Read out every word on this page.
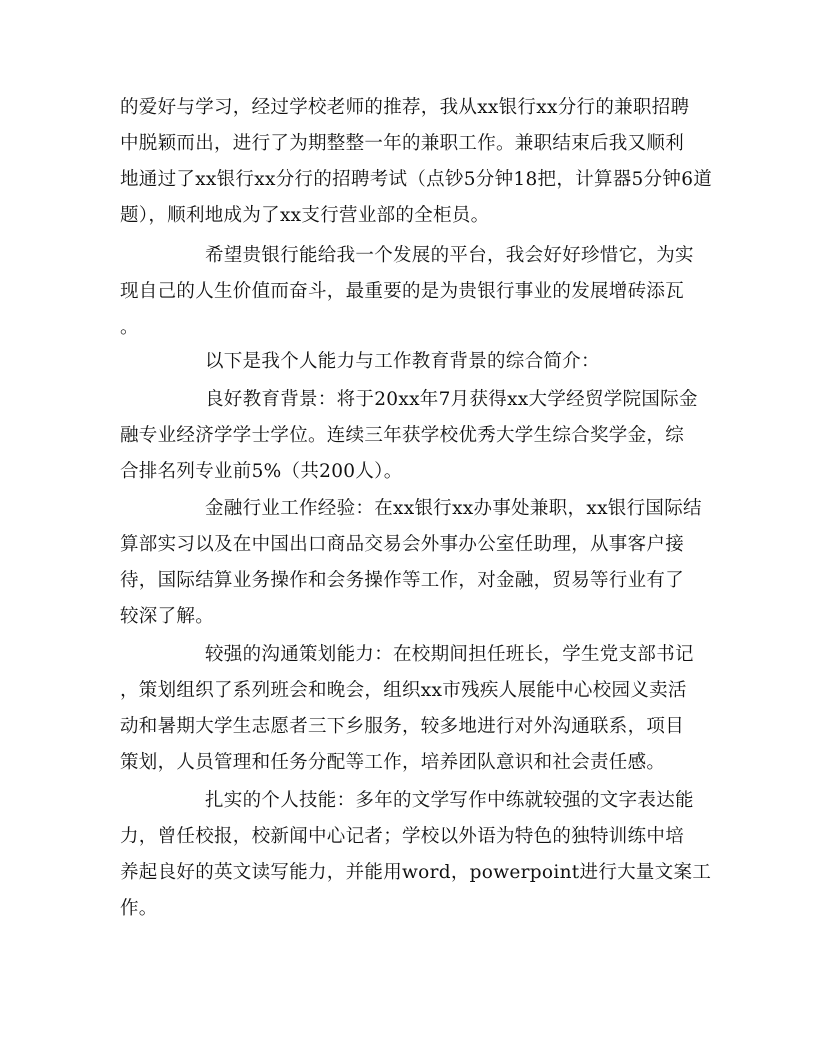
的爱好与学习，经过学校老师的推荐，我从xx银行xx分行的兼职招聘
中脱颖而出，进行了为期整整一年的兼职工作。兼职结束后我又顺利
地通过了xx银行xx分行的招聘考试（点钞5分钟18把，计算器5分钟6道
题），顺利地成为了xx支行营业部的全柜员。
希望贵银行能给我一个发展的平台，我会好好珍惜它，为实
现自己的人生价值而奋斗，最重要的是为贵银行事业的发展增砖添瓦
。
以下是我个人能力与工作教育背景的综合简介：
良好教育背景：将于20xx年7月获得xx大学经贸学院国际金
融专业经济学学士学位。连续三年获学校优秀大学生综合奖学金，综
合排名列专业前5%（共200人）。
金融行业工作经验：在xx银行xx办事处兼职，xx银行国际结
算部实习以及在中国出口商品交易会外事办公室任助理，从事客户接
待，国际结算业务操作和会务操作等工作，对金融，贸易等行业有了
较深了解。
较强的沟通策划能力：在校期间担任班长，学生党支部书记
，策划组织了系列班会和晚会，组织xx市残疾人展能中心校园义卖活
动和暑期大学生志愿者三下乡服务，较多地进行对外沟通联系，项目
策划，人员管理和任务分配等工作，培养团队意识和社会责任感。
扎实的个人技能：多年的文学写作中练就较强的文字表达能
力，曾任校报，校新闻中心记者；学校以外语为特色的独特训练中培
养起良好的英文读写能力，并能用word，powerpoint进行大量文案工
作。
